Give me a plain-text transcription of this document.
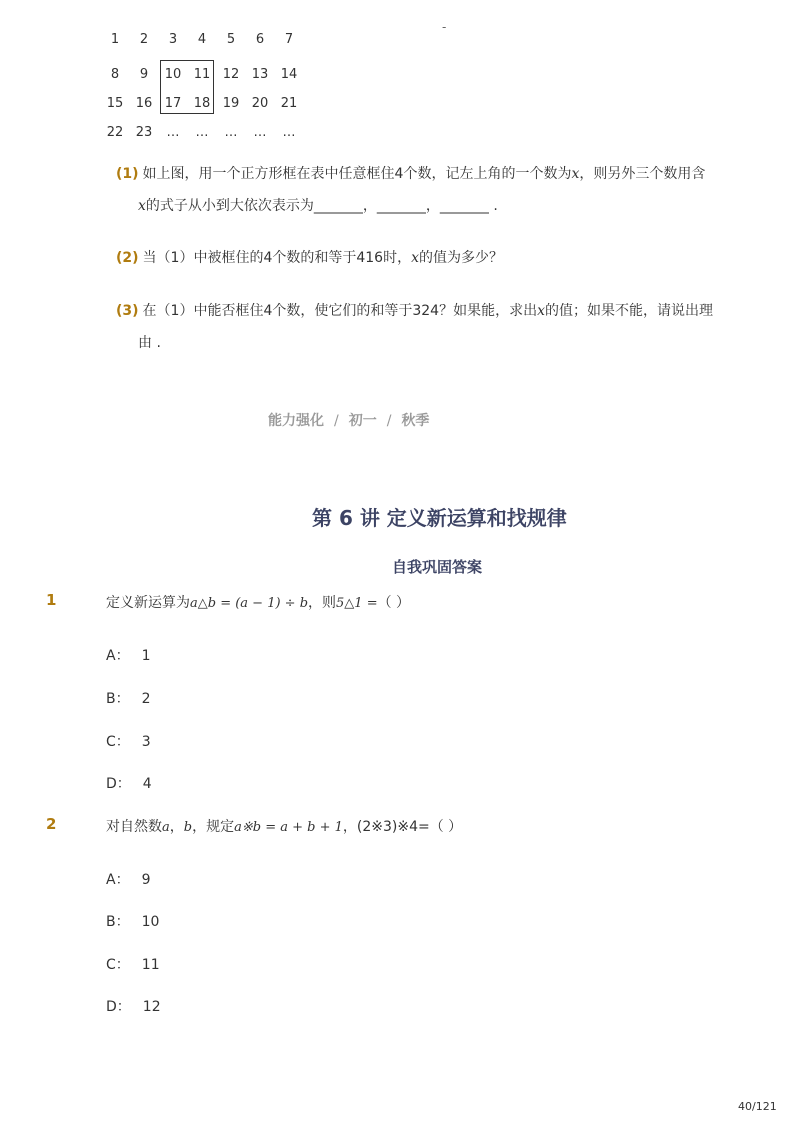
-
1	2	3	4	5	6	7
8	9	10 11 12 13 14
15 16 17 18 19 20 21
22 23	…	…	…	…	…
(1) 如上图，用一个正方形框在表中任意框住4个数，记左上角的一个数为x，则另外三个数用含
x的式子从小到大依次表示为_______，_______，_______ .
(2) 当（1）中被框住的4个数的和等于416时，x的值为多少？
(3) 在（1）中能否框住4个数，使它们的和等于324？如果能，求出x的值；如果不能，请说出理
由 .
能力强化 / 初一 / 秋季
第 6 讲 定义新运算和找规律
自我巩固答案
1	定义新运算为a△b = (a − 1) ÷ b，则5△1 =（ ）
A： 1
B： 2
C： 3
D： 4
2	对自然数a，b，规定a※b = a + b + 1，(2※3)※4=（ ）
A： 9
B： 10
C： 11
D： 12
40/121
